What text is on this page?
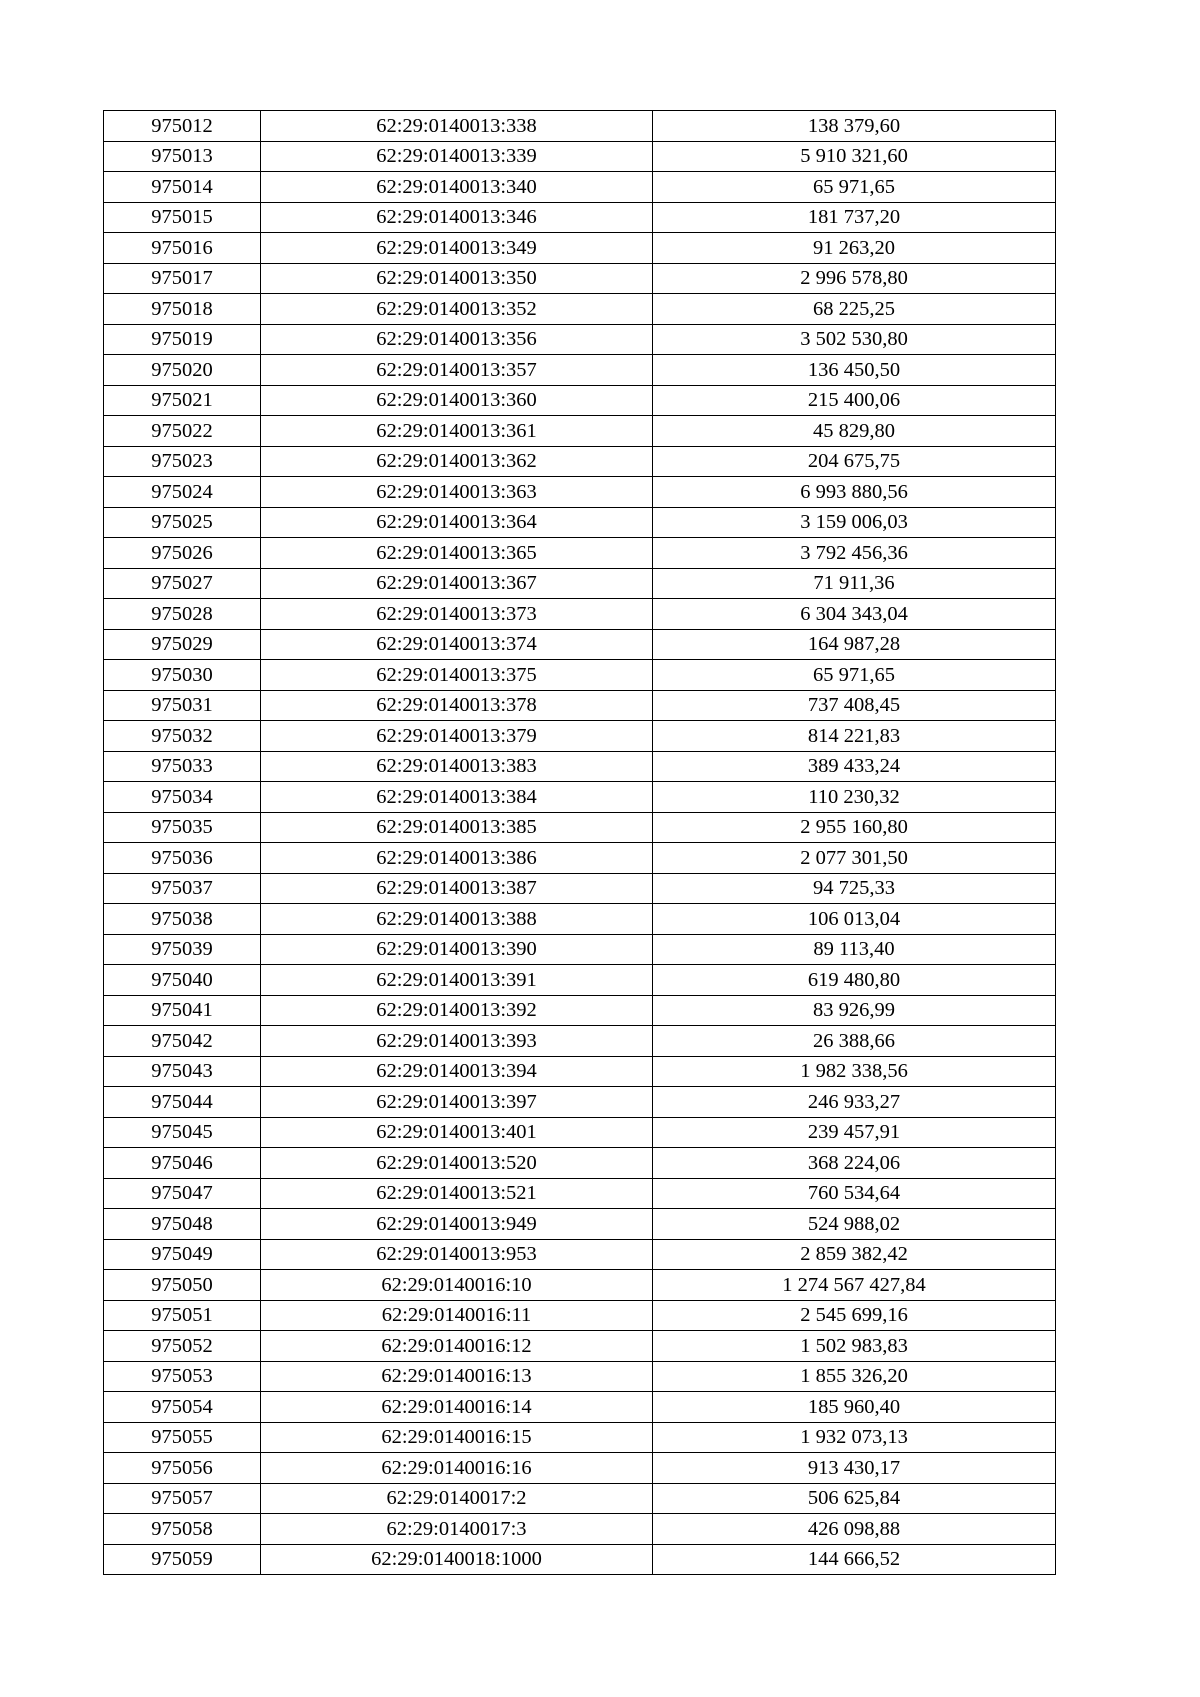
975012	62:29:0140013:338	138 379,60
975013	62:29:0140013:339	5 910 321,60
975014	62:29:0140013:340	65 971,65
975015	62:29:0140013:346	181 737,20
975016	62:29:0140013:349	91 263,20
975017	62:29:0140013:350	2 996 578,80
975018	62:29:0140013:352	68 225,25
975019	62:29:0140013:356	3 502 530,80
975020	62:29:0140013:357	136 450,50
975021	62:29:0140013:360	215 400,06
975022	62:29:0140013:361	45 829,80
975023	62:29:0140013:362	204 675,75
975024	62:29:0140013:363	6 993 880,56
975025	62:29:0140013:364	3 159 006,03
975026	62:29:0140013:365	3 792 456,36
975027	62:29:0140013:367	71 911,36
975028	62:29:0140013:373	6 304 343,04
975029	62:29:0140013:374	164 987,28
975030	62:29:0140013:375	65 971,65
975031	62:29:0140013:378	737 408,45
975032	62:29:0140013:379	814 221,83
975033	62:29:0140013:383	389 433,24
975034	62:29:0140013:384	110 230,32
975035	62:29:0140013:385	2 955 160,80
975036	62:29:0140013:386	2 077 301,50
975037	62:29:0140013:387	94 725,33
975038	62:29:0140013:388	106 013,04
975039	62:29:0140013:390	89 113,40
975040	62:29:0140013:391	619 480,80
975041	62:29:0140013:392	83 926,99
975042	62:29:0140013:393	26 388,66
975043	62:29:0140013:394	1 982 338,56
975044	62:29:0140013:397	246 933,27
975045	62:29:0140013:401	239 457,91
975046	62:29:0140013:520	368 224,06
975047	62:29:0140013:521	760 534,64
975048	62:29:0140013:949	524 988,02
975049	62:29:0140013:953	2 859 382,42
975050	62:29:0140016:10	1 274 567 427,84
975051	62:29:0140016:11	2 545 699,16
975052	62:29:0140016:12	1 502 983,83
975053	62:29:0140016:13	1 855 326,20
975054	62:29:0140016:14	185 960,40
975055	62:29:0140016:15	1 932 073,13
975056	62:29:0140016:16	913 430,17
975057	62:29:0140017:2	506 625,84
975058	62:29:0140017:3	426 098,88
975059	62:29:0140018:1000	144 666,52
